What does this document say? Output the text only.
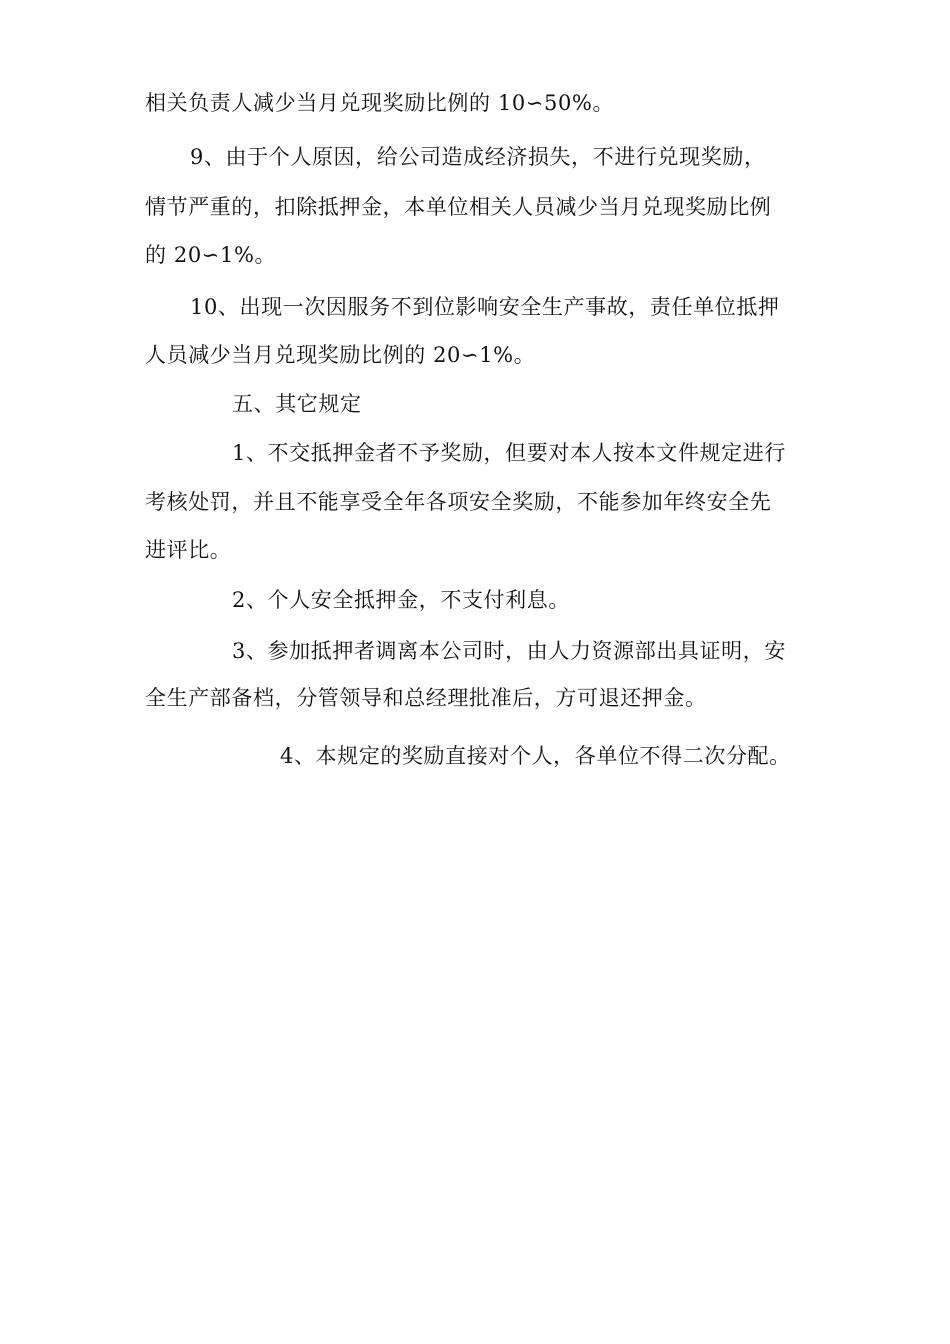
相关负责人减少当月兑现奖励比例的 10∽50%。
9、由于个人原因，给公司造成经济损失，不进行兑现奖励，
情节严重的，扣除抵押金，本单位相关人员减少当月兑现奖励比例
的 20∽1%。
10、出现一次因服务不到位影响安全生产事故，责任单位抵押
人员减少当月兑现奖励比例的 20∽1%。
五、其它规定
1、不交抵押金者不予奖励，但要对本人按本文件规定进行
考核处罚，并且不能享受全年各项安全奖励，不能参加年终安全先
进评比。
2、个人安全抵押金，不支付利息。
3、参加抵押者调离本公司时，由人力资源部出具证明，安
全生产部备档，分管领导和总经理批准后，方可退还押金。
4、本规定的奖励直接对个人，各单位不得二次分配。
